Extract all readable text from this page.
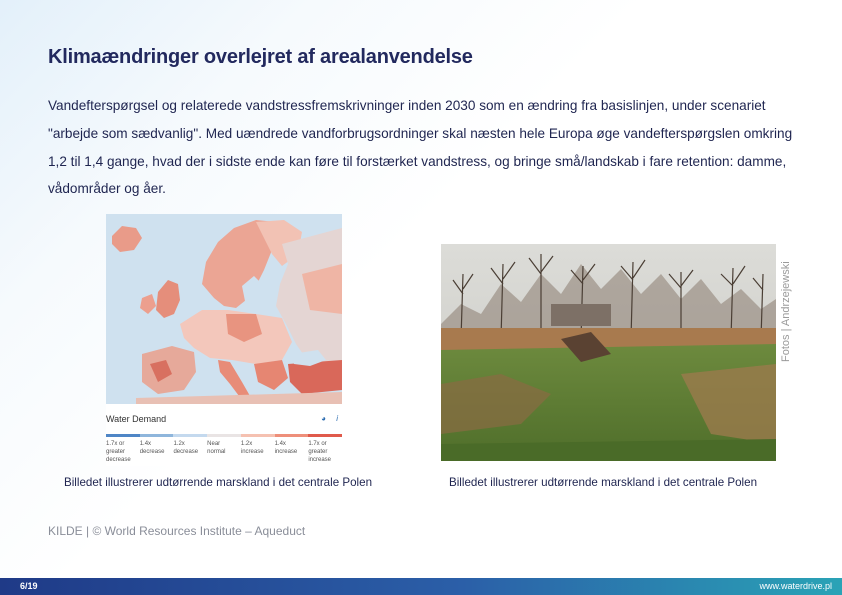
Klimaændringer overlejret af arealanvendelse
Vandefterspørgsel og relaterede vandstressfremskrivninger inden 2030 som en ændring fra basislinjen, under scenariet "arbejde som sædvanlig". Med uændrede vandforbrugsordninger skal næsten hele Europa øge vandefterspørgslen omkring 1,2 til 1,4 gange, hvad der i sidste ende kan føre til forstærket vandstress, og bringe små/landskab i fare retention: damme, vådområder og åer.
Water Demand	◕ i
1.7x or greater decrease
1.4x decrease
1.2x decrease
Near normal
1.2x increase
1.4x increase
1.7x or greater increase
Billedet illustrerer udtørrende marskland i det centrale Polen
Fotos | Andrzejewski
Billedet illustrerer udtørrende marskland i det centrale Polen
KILDE | © World Resources Institute – Aqueduct
6/19	www.waterdrive.pl
